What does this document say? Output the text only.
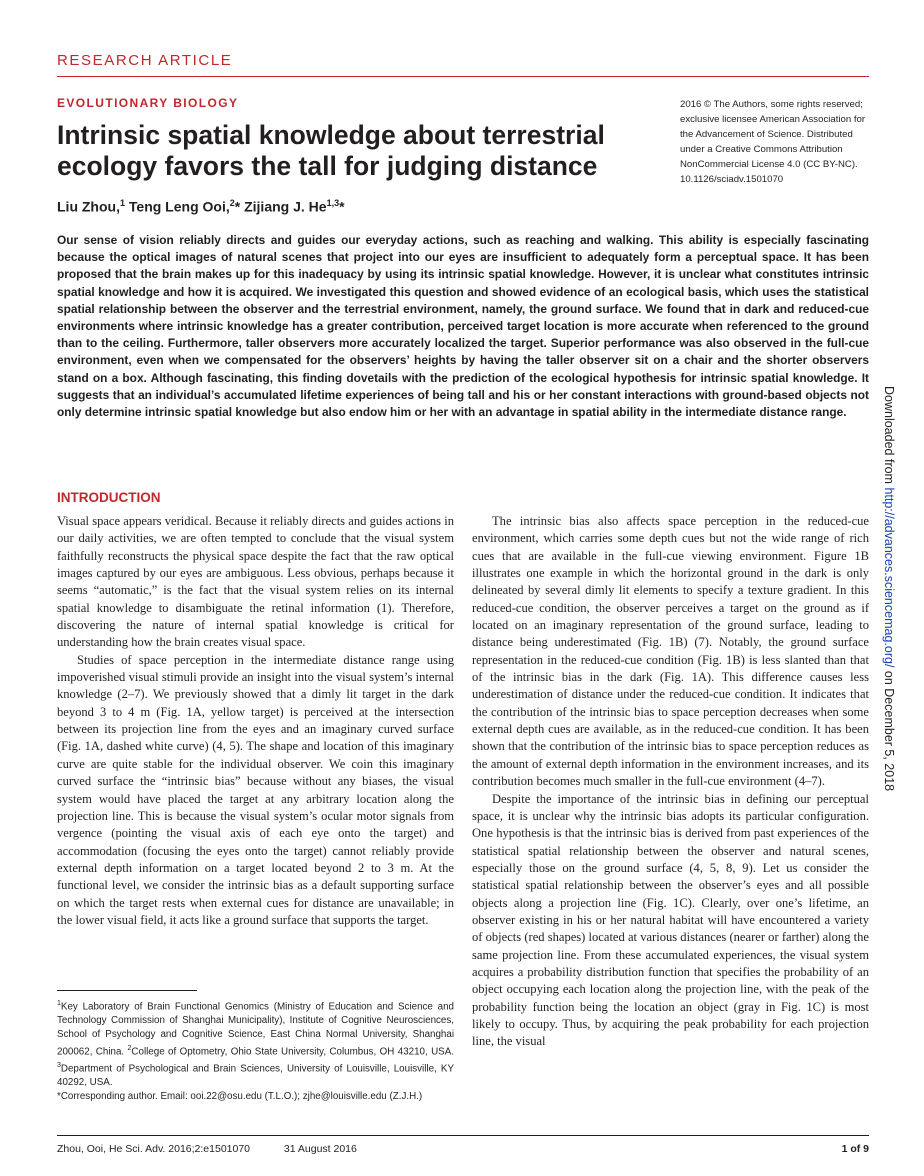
RESEARCH ARTICLE
EVOLUTIONARY BIOLOGY
Intrinsic spatial knowledge about terrestrial ecology favors the tall for judging distance
Liu Zhou,$^1$ Teng Leng Ooi,$^2$* Zijiang J. He$^{1,3}$*
2016 © The Authors, some rights reserved;
exclusive licensee American Association for
the Advancement of Science. Distributed
under a Creative Commons Attribution
NonCommercial License 4.0 (CC BY-NC).
10.1126/sciadv.1501070
Our sense of vision reliably directs and guides our everyday actions, such as reaching and walking. This ability is especially fascinating because the optical images of natural scenes that project into our eyes are insufficient to adequately form a perceptual space. It has been proposed that the brain makes up for this inadequacy by using its intrinsic spatial knowledge. However, it is unclear what constitutes intrinsic spatial knowledge and how it is acquired. We investigated this question and showed evidence of an ecological basis, which uses the statistical spatial relationship between the observer and the terrestrial environment, namely, the ground surface. We found that in dark and reduced-cue environments where intrinsic knowledge has a greater contribution, perceived target location is more accurate when referenced to the ground than to the ceiling. Furthermore, taller observers more accurately localized the target. Superior performance was also observed in the full-cue environment, even when we compensated for the observers’ heights by having the taller observer sit on a chair and the shorter observers stand on a box. Although fascinating, this finding dovetails with the prediction of the ecological hypothesis for intrinsic spatial knowledge. It suggests that an individual’s accumulated lifetime experiences of being tall and his or her constant interactions with ground-based objects not only determine intrinsic spatial knowledge but also endow him or her with an advantage in spatial ability in the intermediate distance range.
INTRODUCTION

Visual space appears veridical. Because it reliably directs and guides actions in our daily activities, we are often tempted to conclude that the visual system faithfully reconstructs the physical space despite the fact that the raw optical images captured by our eyes are ambiguous. Less obvious, perhaps because it seems “automatic,” is the fact that the visual system relies on its internal spatial knowledge to disambiguate the retinal information (1). Therefore, discovering the nature of internal spatial knowledge is critical for understanding how the brain creates visual space.

Studies of space perception in the intermediate distance range using impoverished visual stimuli provide an insight into the visual system’s internal knowledge (2–7). We previously showed that a dimly lit target in the dark beyond 3 to 4 m (Fig. 1A, yellow target) is perceived at the intersection between its projection line from the eyes and an imaginary curved surface (Fig. 1A, dashed white curve) (4, 5). The shape and location of this imaginary curve are quite stable for the individual observer. We coin this imaginary curved surface the “intrinsic bias” because without any biases, the visual system would have placed the target at any arbitrary location along the projection line. This is because the visual system’s ocular motor signals from vergence (pointing the visual axis of each eye onto the target) and accommodation (focusing the eyes onto the target) cannot reliably provide external depth information on a target located beyond 2 to 3 m. At the functional level, we consider the intrinsic bias as a default supporting surface on which the target rests when external cues for distance are unavailable; in the lower visual field, it acts like a ground surface that supports the target.

The intrinsic bias also affects space perception in the reduced-cue environment, which carries some depth cues but not the wide range of rich cues that are available in the full-cue viewing environment. Figure 1B illustrates one example in which the horizontal ground in the dark is only delineated by several dimly lit elements to specify a texture gradient. In this reduced-cue condition, the observer perceives a target on the ground as if located on an imaginary representation of the ground surface, leading to distance being underestimated (Fig. 1B) (7). Notably, the ground surface representation in the reduced-cue condition (Fig. 1B) is less slanted than that of the intrinsic bias in the dark (Fig. 1A). This difference causes less underestimation of distance under the reduced-cue condition. It indicates that the contribution of the intrinsic bias to space perception decreases when some external depth cues are available, as in the reduced-cue condition. It has been shown that the contribution of the intrinsic bias to space perception reduces as the amount of external depth information in the environment increases, and its contribution becomes much smaller in the full-cue environment (4–7).

Despite the importance of the intrinsic bias in defining our perceptual space, it is unclear why the intrinsic bias adopts its particular configuration. One hypothesis is that the intrinsic bias is derived from past experiences of the statistical spatial relationship between the observer and natural scenes, especially those on the ground surface (4, 5, 8, 9). Let us consider the statistical spatial relationship between the observer’s eyes and all possible objects along a projection line (Fig. 1C). Clearly, over one’s lifetime, an observer existing in his or her natural habitat will have encountered a variety of objects (red shapes) located at various distances (nearer or farther) along the same projection line. From these accumulated experiences, the visual system acquires a probability distribution function that specifies the probability of an object occupying each location along the projection line, with the peak of the probability function being the location an object (gray in Fig. 1C) is most likely to occupy. Thus, by acquiring the peak probability for each projection line, the visual

$^1$Key Laboratory of Brain Functional Genomics (Ministry of Education and Science and Technology Commission of Shanghai Municipality), Institute of Cognitive Neurosciences, School of Psychology and Cognitive Science, East China Normal University, Shanghai 200062, China. $^2$College of Optometry, Ohio State University, Columbus, OH 43210, USA. $^3$Department of Psychological and Brain Sciences, University of Louisville, Louisville, KY 40292, USA.

*Corresponding author. Email: ooi.22@osu.edu (T.L.O.); zjhe@louisville.edu (Z.J.H.)

Zhou, Ooi, He Sci. Adv. 2016;2:e1501070	31 August 2016	1 of 9
Downloaded from http://advances.sciencemag.org/ on December 5, 2018
